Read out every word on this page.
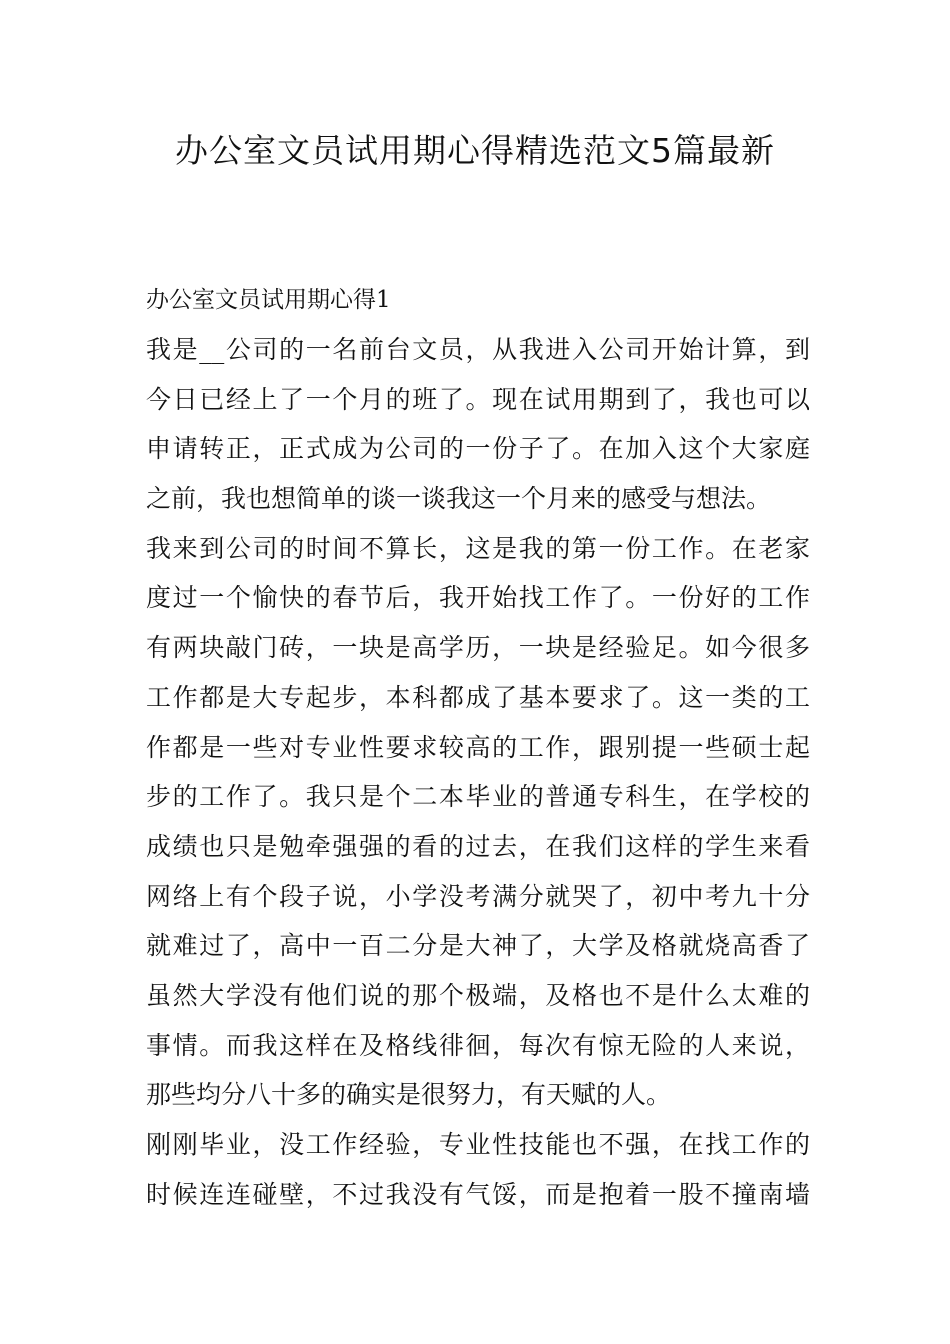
办公室文员试用期心得精选范文5篇最新
办公室文员试用期心得1
我是__公司的一名前台文员，从我进入公司开始计算，到
今日已经上了一个月的班了。现在试用期到了，我也可以
申请转正，正式成为公司的一份子了。在加入这个大家庭
之前，我也想简单的谈一谈我这一个月来的感受与想法。
我来到公司的时间不算长，这是我的第一份工作。在老家
度过一个愉快的春节后，我开始找工作了。一份好的工作
有两块敲门砖，一块是高学历，一块是经验足。如今很多
工作都是大专起步，本科都成了基本要求了。这一类的工
作都是一些对专业性要求较高的工作，跟别提一些硕士起
步的工作了。我只是个二本毕业的普通专科生，在学校的
成绩也只是勉牵强强的看的过去，在我们这样的学生来看
网络上有个段子说，小学没考满分就哭了，初中考九十分
就难过了，高中一百二分是大神了，大学及格就烧高香了
虽然大学没有他们说的那个极端，及格也不是什么太难的
事情。而我这样在及格线徘徊，每次有惊无险的人来说，
那些均分八十多的确实是很努力，有天赋的人。
刚刚毕业，没工作经验，专业性技能也不强，在找工作的
时候连连碰壁，不过我没有气馁，而是抱着一股不撞南墙
